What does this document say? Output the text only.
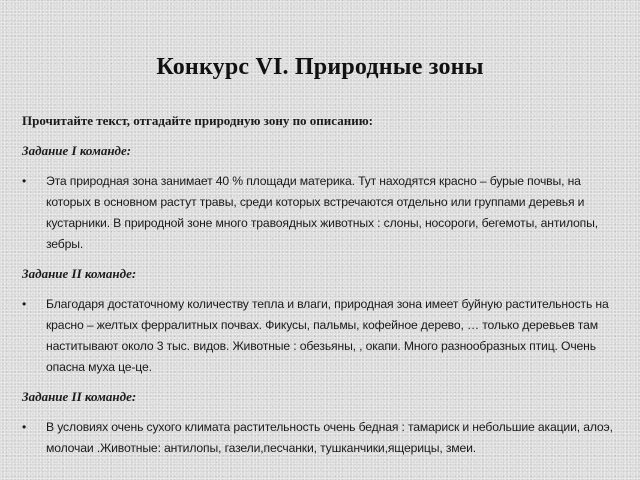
Конкурс VI. Природные зоны

Прочитайте текст, отгадайте природную зону по описанию:

Задание I команде:

• Эта природная зона занимает 40 % площади материка. Тут находятся красно – бурые почвы, на которых в основном растут травы, среди которых встречаются отдельно или группами деревья и кустарники. В природной зоне много травоядных животных : слоны, носороги, бегемоты, антилопы, зебры.

Задание II команде:

• Благодаря достаточному количеству тепла и влаги, природная зона имеет буйную растительность на красно – желтых ферралитных почвах. Фикусы, пальмы, кофейное дерево, … только деревьев там наститывают около 3 тыс. видов. Животные : обезьяны, , окапи. Много разнообразных птиц. Очень опасна муха це-це.

Задание II команде:

• В условиях очень сухого климата растительность очень бедная : тамариск и небольшие акации, алоэ, молочаи .Животные: антилопы, газели,песчанки, тушканчики,ящерицы, змеи.
